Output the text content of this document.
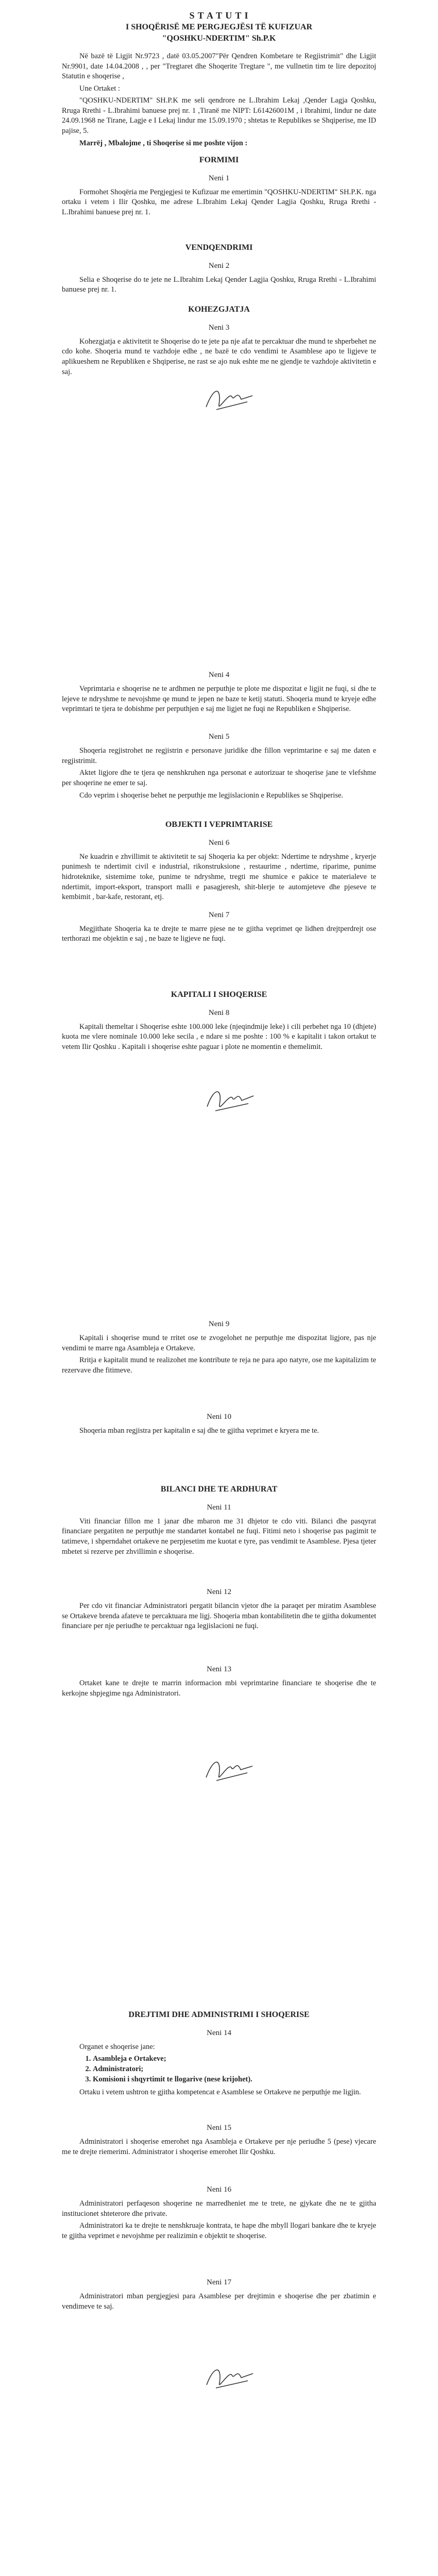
S T A T U T I
I SHOQËRISË ME PERGJEGJËSI TË KUFIZUAR
"QOSHKU-NDERTIM" Sh.P.K

Në bazë të Ligjit Nr.9723 , datë 03.05.2007"Për Qendren Kombetare te Regjistrimit" dhe Ligjit Nr.9901, date 14.04.2008 , , per "Tregtaret dhe Shoqerite Tregtare ", me vullnetin tim te lire depozitoj Statutin e shoqerise ,

Une Ortaket :

"QOSHKU-NDERTIM" SH.P.K me seli qendrore ne L.Ibrahim Lekaj ,Qender Lagja Qoshku, Rruga Rrethi - L.Ibrahimi banuese prej nr. 1 ,Tiranë me NIPT: L61426001M , i Ibrahimi, lindur ne date 24.09.1968 ne Tirane, Lagje e I Lekaj lindur me 15.09.1970 ; shtetas te Republikes se Shqiperise, me ID pajise, 5.

Marrëj , Mbalojme , ti Shoqerise si me poshte vijon :

FORMIMI
Neni 1

Formohet Shoqëria me Pergjegjesi te Kufizuar me emertimin "QOSHKU-NDERTIM" SH.P.K. nga ortaku i vetem i Ilir Qoshku, me adrese L.Ibrahim Lekaj Qender Lagjia Qoshku, Rruga Rrethi - L.Ibrahimi banuese prej nr. 1.

VENDQENDRIMI
Neni 2

Selia e Shoqerise do te jete ne L.Ibrahim Lekaj Qender Lagjia Qoshku, Rruga Rrethi - L.Ibrahimi banuese prej nr. 1.

KOHEZGJATJA
Neni 3

Kohezgjatja e aktivitetit te Shoqerise do te jete pa nje afat te percaktuar dhe mund te shperbehet ne cdo kohe. Shoqeria mund te vazhdoje edhe , ne bazë te cdo vendimi te Asamblese apo te ligjeve te aplikueshem ne Republiken e Shqiperise, ne rast se ajo nuk eshte me ne gjendje te vazhdoje aktivitetin e saj.

Neni 4

Veprimtaria e shoqerise ne te ardhmen ne perputhje te plote me dispozitat e ligjit ne fuqi, si dhe te lejeve te ndryshme te nevojshme qe mund te jepen ne baze te ketij statuti. Shoqeria mund te kryeje edhe veprimtari te tjera te dobishme per perputhjen e saj me ligjet ne fuqi ne Republiken e Shqiperise.

Neni 5

Shoqeria regjistrohet ne regjistrin e personave juridike dhe fillon veprimtarine e saj me daten e regjistrimit.

Aktet ligjore dhe te tjera qe nenshkruhen nga personat e autorizuar te shoqerise jane te vlefshme per shoqerine ne emer te saj.

Cdo veprim i shoqerise behet ne perputhje me legjislacionin e Republikes se Shqiperise.

OBJEKTI I VEPRIMTARISE
Neni 6

Ne kuadrin e zhvillimit te aktivitetit te saj Shoqeria ka per objekt: Ndertime te ndryshme , kryerje punimesh te ndertimit civil e industrial, rikonstruksione , restaurime , ndertime, riparime, punime hidroteknike, sistemime toke, punime te ndryshme, tregti me shumice e pakice te materialeve te ndertimit, import-eksport, transport malli e pasagjeresh, shit-blerje te automjeteve dhe pjeseve te kembimit , bar-kafe, restorant, etj.

Neni 7

Megjithate Shoqeria ka te drejte te marre pjese ne te gjitha veprimet qe lidhen drejtperdrejt ose terthorazi me objektin e saj , ne baze te ligjeve ne fuqi.

KAPITALI I SHOQERISE
Neni 8

Kapitali themeltar i Shoqerise eshte 100.000 leke (njeqindmije leke) i cili perbehet nga 10 (dhjete) kuota me vlere nominale 10.000 leke secila , e ndare si me poshte : 100 % e kapitalit i takon ortakut te vetem Ilir Qoshku . Kapitali i shoqerise eshte paguar i plote ne momentin e themelimit.

Neni 9

Kapitali i shoqerise mund te rritet ose te zvogelohet ne perputhje me dispozitat ligjore, pas nje vendimi te marre nga Asambleja e Ortakeve.

Rritja e kapitalit mund te realizohet me kontribute te reja ne para apo natyre, ose me kapitalizim te rezervave dhe fitimeve.

Neni 10

Shoqeria mban regjistra per kapitalin e saj dhe te gjitha veprimet e kryera me te.

BILANCI DHE TE ARDHURAT
Neni 11

Viti financiar fillon me 1 janar dhe mbaron me 31 dhjetor te cdo viti. Bilanci dhe pasqyrat financiare pergatiten ne perputhje me standartet kontabel ne fuqi. Fitimi neto i shoqerise pas pagimit te tatimeve, i shperndahet ortakeve ne perpjesetim me kuotat e tyre, pas vendimit te Asamblese. Pjesa tjeter mbetet si rezerve per zhvillimin e shoqerise.

Neni 12

Per cdo vit financiar Administratori pergatit bilancin vjetor dhe ia paraqet per miratim Asamblese se Ortakeve brenda afateve te percaktuara me ligj. Shoqeria mban kontabilitetin dhe te gjitha dokumentet financiare per nje periudhe te percaktuar nga legjislacioni ne fuqi.

Neni 13

Ortaket kane te drejte te marrin informacion mbi veprimtarine financiare te shoqerise dhe te kerkojne shpjegime nga Administratori.

DREJTIMI DHE ADMINISTRIMI I SHOQERISE
Neni 14

Organet e shoqerise jane:

1. Asambleja e Ortakeve;
2. Administratori;
3. Komisioni i shqyrtimit te llogarive (nese krijohet).

Ortaku i vetem ushtron te gjitha kompetencat e Asamblese se Ortakeve ne perputhje me ligjin.

Neni 15

Administratori i shoqerise emerohet nga Asambleja e Ortakeve per nje periudhe 5 (pese) vjecare me te drejte riemerimi. Administrator i shoqerise emerohet Ilir Qoshku.

Neni 16

Administratori perfaqeson shoqerine ne marredheniet me te trete, ne gjykate dhe ne te gjitha institucionet shteterore dhe private.

Administratori ka te drejte te nenshkruaje kontrata, te hape dhe mbyll llogari bankare dhe te kryeje te gjitha veprimet e nevojshme per realizimin e objektit te shoqerise.

Neni 17

Administratori mban pergjegjesi para Asamblese per drejtimin e shoqerise dhe per zbatimin e vendimeve te saj.
